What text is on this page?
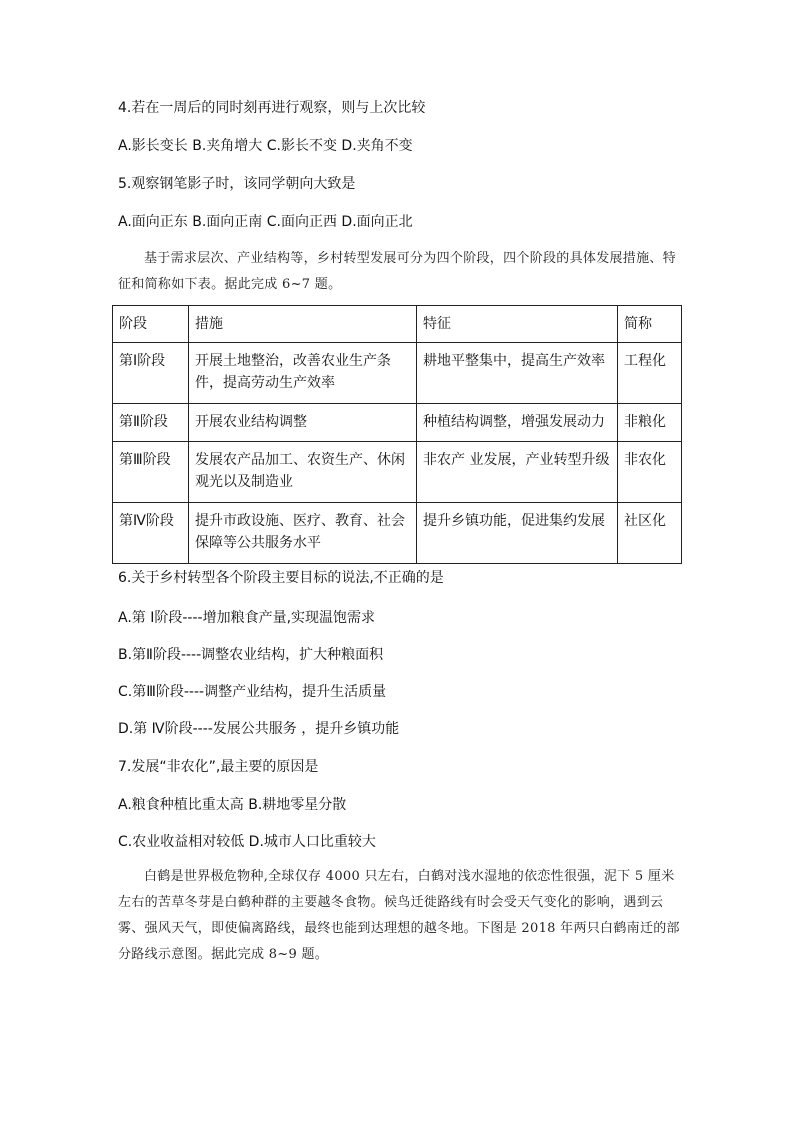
4.若在一周后的同时刻再进行观察，则与上次比较
A.影长变长 B.夹角增大 C.影长不变 D.夹角不变
5.观察钢笔影子时，该同学朝向大致是
A.面向正东 B.面向正南 C.面向正西 D.面向正北

基于需求层次、产业结构等，乡村转型发展可分为四个阶段，四个阶段的具体发展措施、特征和简称如下表。据此完成 6~7 题。

阶段	措施	特征	简称
第Ⅰ阶段	开展土地整治，改善农业生产条件，提高劳动生产效率	耕地平整集中，提高生产效率	工程化
第Ⅱ阶段	开展农业结构调整	种植结构调整，增强发展动力	非粮化
第Ⅲ阶段	发展农产品加工、农资生产、休闲观光以及制造业	非农产 业发展，产业转型升级	非农化
第Ⅳ阶段	提升市政设施、医疗、教育、社会保障等公共服务水平	提升乡镇功能，促进集约发展	社区化
6.关于乡村转型各个阶段主要目标的说法,不正确的是
A.第 Ⅰ阶段----增加粮食产量,实现温饱需求
B.第Ⅱ阶段----调整农业结构，扩大种粮面积
C.第Ⅲ阶段----调整产业结构，提升生活质量
D.第 Ⅳ阶段----发展公共服务 ，提升乡镇功能
7.发展“非农化”,最主要的原因是
A.粮食种植比重太高 B.耕地零星分散
C.农业收益相对较低 D.城市人口比重较大

白鹤是世界极危物种,全球仅存 4000 只左右，白鹤对浅水湿地的依恋性很强，泥下 5 厘米左右的苦草冬芽是白鹤种群的主要越冬食物。候鸟迁徙路线有时会受天气变化的影响，遇到云雾、强风天气，即使偏离路线，最终也能到达理想的越冬地。下图是 2018 年两只白鹤南迁的部分路线示意图。据此完成 8~9 题。
